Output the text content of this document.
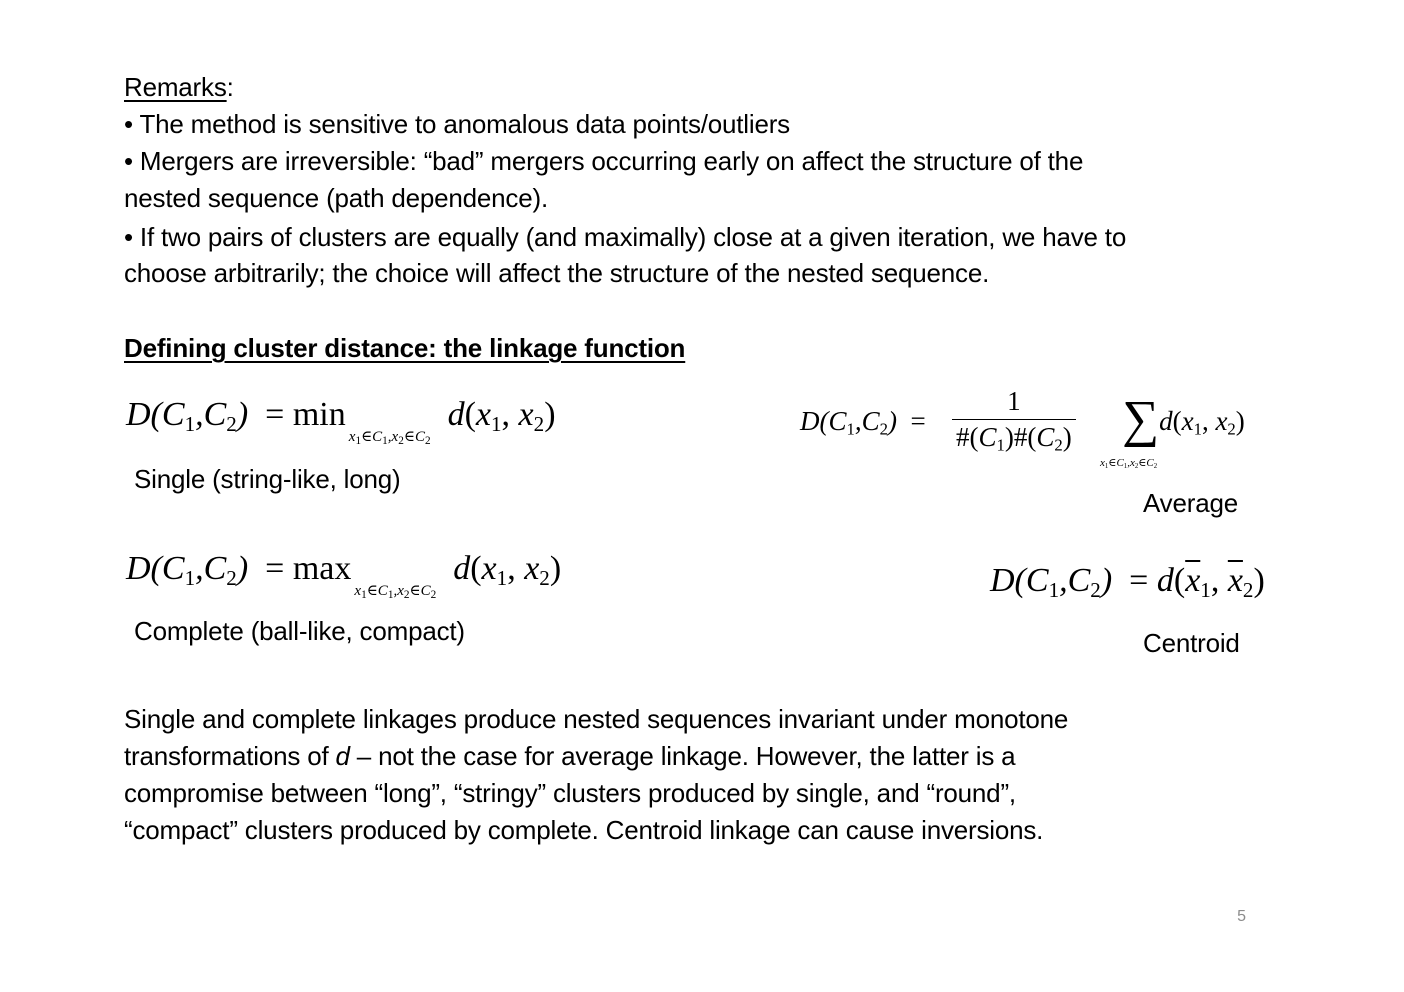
Remarks:
• The method is sensitive to anomalous data points/outliers
• Mergers are irreversible: “bad” mergers occurring early on affect the structure of the
nested sequence (path dependence).
• If two pairs of clusters are equally (and maximally) close at a given iteration, we have to
choose arbitrarily; the choice will affect the structure of the nested sequence.
Defining cluster distance: the linkage function
$D(C_1,C_2) = \min_{x_1\in C_1,x_2\in C_2} d(x_1$, $x_2$)
Single (string-like, long)
$D(C_1,C_2) = \max_{x_1\in C_1,x_2\in C_2} d(x_1$, $x_2$)
Complete (ball-like, compact)
$D(C_1,C_2) = \frac{1}{\#(C_1)\#(C_2)} \sum d(x_1$, $x_2$)
$x_1\in C_1,x_2\in C_2$
Average
$D(C_1,C_2) = d(\overline{x}_1$, $\overline{x}_2$)
Centroid
Single and complete linkages produce nested sequences invariant under monotone
transformations of d – not the case for average linkage. However, the latter is a
compromise between “long”, “stringy” clusters produced by single, and “round”,
“compact” clusters produced by complete. Centroid linkage can cause inversions.
5
